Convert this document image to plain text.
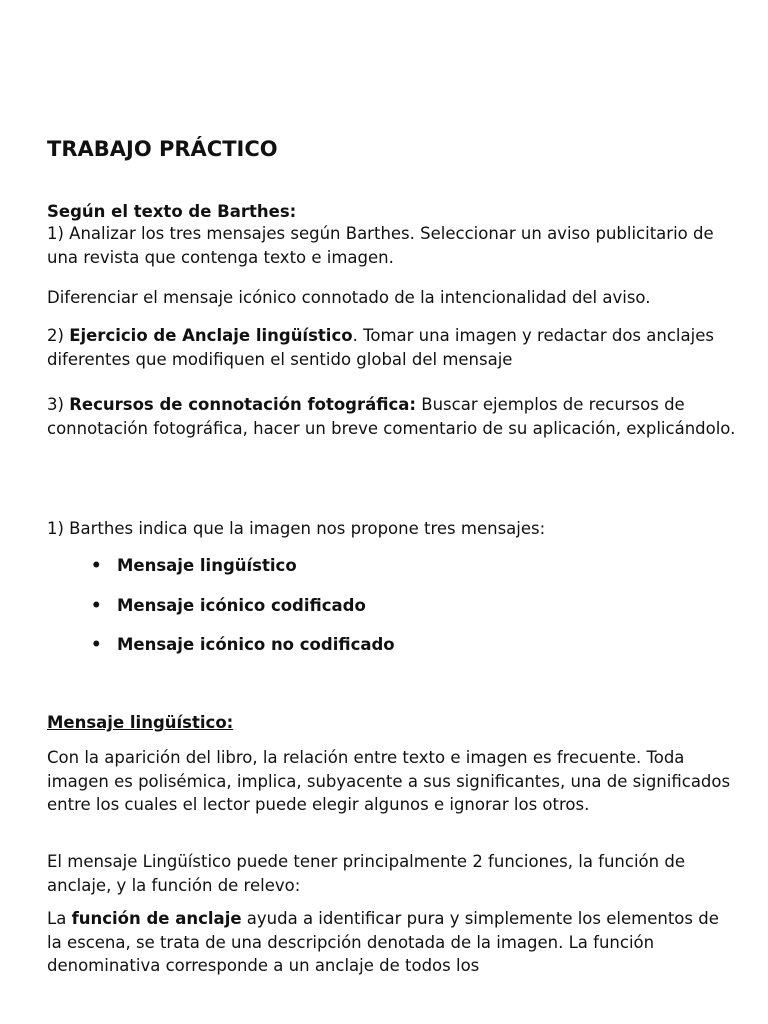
TRABAJO PRÁCTICO
Según el texto de Barthes:
1) Analizar los tres mensajes según Barthes. Seleccionar un aviso publicitario de una revista que contenga texto e imagen.
Diferenciar el mensaje icónico connotado de la intencionalidad del aviso.
2) Ejercicio de Anclaje lingüístico. Tomar una imagen y redactar dos anclajes diferentes que modifiquen el sentido global del mensaje
3) Recursos de connotación fotográfica: Buscar ejemplos de recursos de connotación fotográfica, hacer un breve comentario de su aplicación, explicándolo.
1) Barthes indica que la imagen nos propone tres mensajes:
• Mensaje lingüístico
• Mensaje icónico codificado
• Mensaje icónico no codificado
Mensaje lingüístico:
Con la aparición del libro, la relación entre texto e imagen es frecuente. Toda imagen es polisémica, implica, subyacente a sus significantes, una de significados entre los cuales el lector puede elegir algunos e ignorar los otros.
El mensaje Lingüístico puede tener principalmente 2 funciones, la función de anclaje, y la función de relevo:
La función de anclaje ayuda a identificar pura y simplemente los elementos de la escena, se trata de una descripción denotada de la imagen. La función denominativa corresponde a un anclaje de todos los
